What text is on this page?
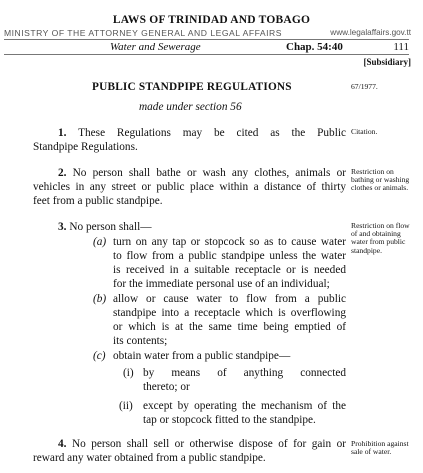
LAWS OF TRINIDAD AND TOBAGO
MINISTRY OF THE ATTORNEY GENERAL AND LEGAL AFFAIRS	www.legalaffairs.gov.tt
Water and Sewerage	Chap. 54:40	111
[Subsidiary]
PUBLIC STANDPIPE REGULATIONS	67/1977.
made under section 56
1. These Regulations may be cited as the Public
Standpipe Regulations.
Citation.
2. No person shall bathe or wash any clothes, animals or
vehicles in any street or public place within a distance of thirty
feet from a public standpipe.
Restriction on bathing or washing clothes or animals.
3. No person shall—	Restriction on flow of and obtaining water from public standpipe.
(a) turn on any tap or stopcock so as to cause water
to flow from a public standpipe unless the water
is received in a suitable receptacle or is needed
for the immediate personal use of an individual;
(b) allow or cause water to flow from a public
standpipe into a receptacle which is overflowing
or which is at the same time being emptied of
its contents;
(c) obtain water from a public standpipe—
(i) by means of anything connected
thereto; or
(ii) except by operating the mechanism of the
tap or stopcock fitted to the standpipe.
4. No person shall sell or otherwise dispose of for gain or
reward any water obtained from a public standpipe.
Prohibition against sale of water.
